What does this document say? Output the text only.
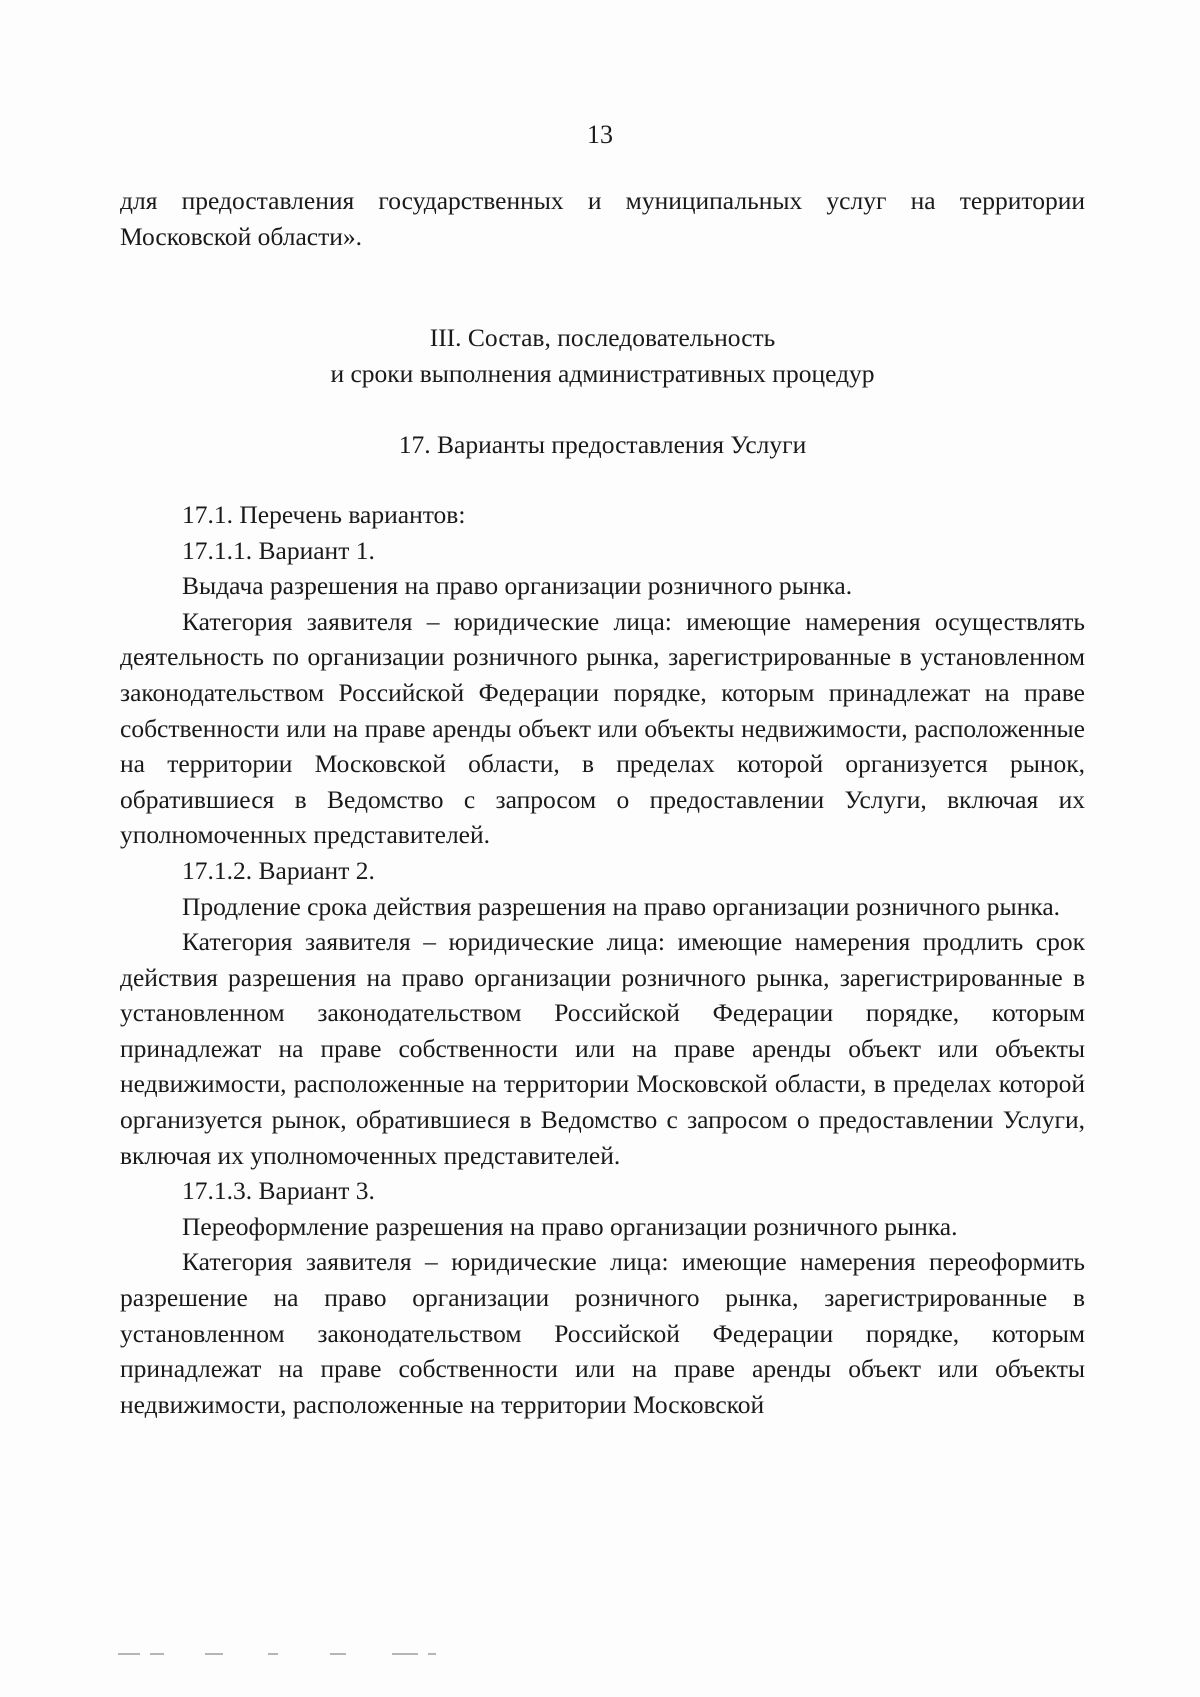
13

для предоставления государственных и муниципальных услуг на территории Московской области».

III. Состав, последовательность

и сроки выполнения административных процедур

17. Варианты предоставления Услуги

17.1. Перечень вариантов:

17.1.1. Вариант 1.

Выдача разрешения на право организации розничного рынка.

Категория заявителя – юридические лица: имеющие намерения осуществлять деятельность по организации розничного рынка, зарегистрированные в установленном законодательством Российской Федерации порядке, которым принадлежат на праве собственности или на праве аренды объект или объекты недвижимости, расположенные на территории Московской области, в пределах которой организуется рынок, обратившиеся в Ведомство с запросом о предоставлении Услуги, включая их уполномоченных представителей.

17.1.2. Вариант 2.

Продление срока действия разрешения на право организации розничного рынка.

Категория заявителя – юридические лица: имеющие намерения продлить срок действия разрешения на право организации розничного рынка, зарегистрированные в установленном законодательством Российской Федерации порядке, которым принадлежат на праве собственности или на праве аренды объект или объекты недвижимости, расположенные на территории Московской области, в пределах которой организуется рынок, обратившиеся в Ведомство с запросом о предоставлении Услуги, включая их уполномоченных представителей.

17.1.3. Вариант 3.

Переоформление разрешения на право организации розничного рынка.

Категория заявителя – юридические лица: имеющие намерения переоформить разрешение на право организации розничного рынка, зарегистрированные в установленном законодательством Российской Федерации порядке, которым принадлежат на праве собственности или на праве аренды объект или объекты недвижимости, расположенные на территории Московской
